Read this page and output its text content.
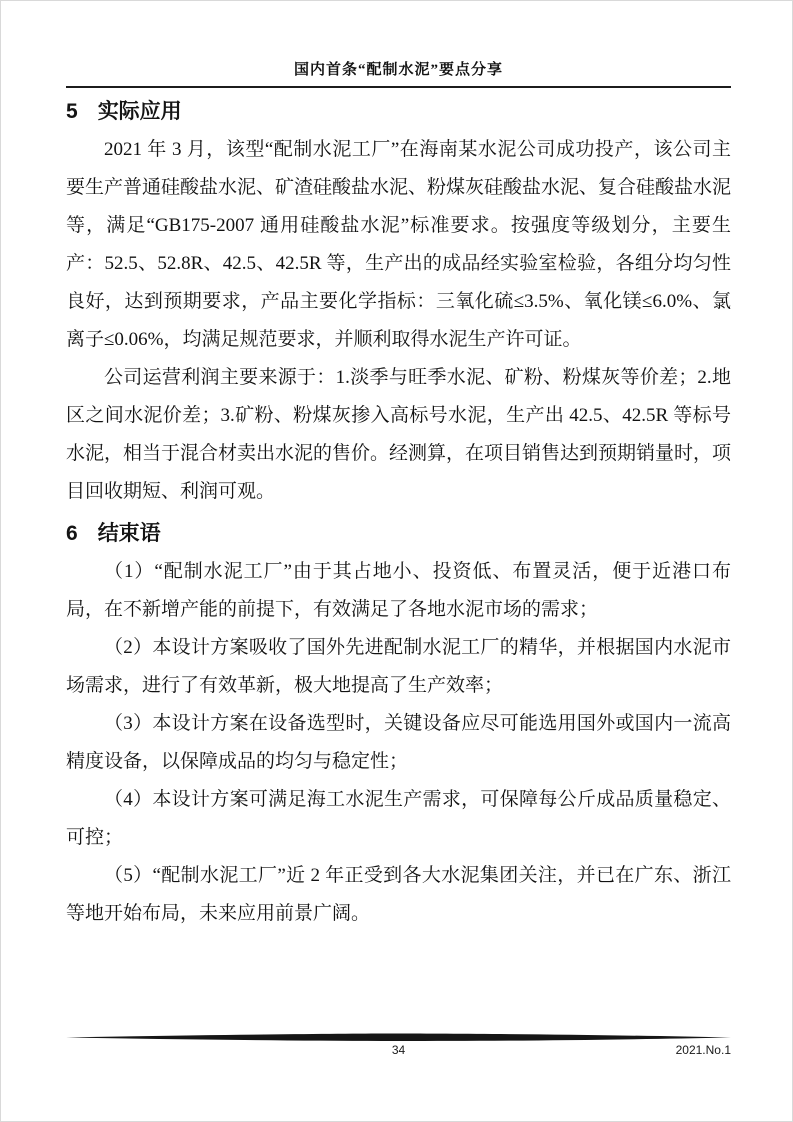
国内首条“配制水泥”要点分享
5 实际应用

2021 年 3 月，该型“配制水泥工厂”在海南某水泥公司成功投产，该公司主要生产普通硅酸盐水泥、矿渣硅酸盐水泥、粉煤灰硅酸盐水泥、复合硅酸盐水泥等，满足“GB175-2007 通用硅酸盐水泥”标准要求。按强度等级划分，主要生产：52.5、52.8R、42.5、42.5R 等，生产出的成品经实验室检验，各组分均匀性良好，达到预期要求，产品主要化学指标：三氧化硫≤3.5%、氧化镁≤6.0%、氯离子≤0.06%，均满足规范要求，并顺利取得水泥生产许可证。

公司运营利润主要来源于：1.淡季与旺季水泥、矿粉、粉煤灰等价差；2.地区之间水泥价差；3.矿粉、粉煤灰掺入高标号水泥，生产出 42.5、42.5R 等标号水泥，相当于混合材卖出水泥的售价。经测算，在项目销售达到预期销量时，项目回收期短、利润可观。

6 结束语

（1）“配制水泥工厂”由于其占地小、投资低、布置灵活，便于近港口布局，在不新增产能的前提下，有效满足了各地水泥市场的需求；

（2）本设计方案吸收了国外先进配制水泥工厂的精华，并根据国内水泥市场需求，进行了有效革新，极大地提高了生产效率；

（3）本设计方案在设备选型时，关键设备应尽可能选用国外或国内一流高精度设备，以保障成品的均匀与稳定性；

（4）本设计方案可满足海工水泥生产需求，可保障每公斤成品质量稳定、可控；

（5）“配制水泥工厂”近 2 年正受到各大水泥集团关注，并已在广东、浙江等地开始布局，未来应用前景广阔。

34	2021.No.1
